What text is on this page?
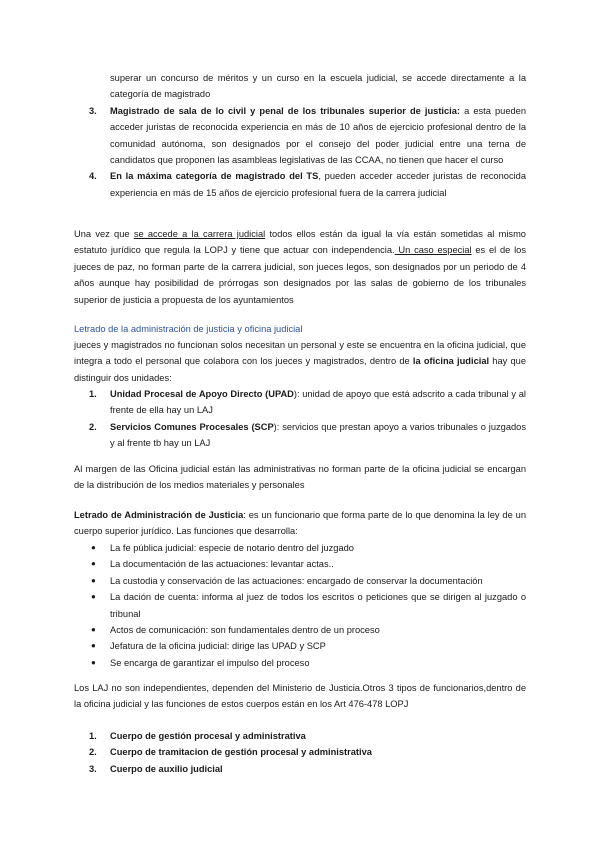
superar un concurso de méritos y un curso en la escuela judicial, se accede directamente a la categoría de magistrado
3. Magistrado de sala de lo civil y penal de los tribunales superior de justicia: a esta pueden acceder juristas de reconocida experiencia en más de 10 años de ejercicio profesional dentro de la comunidad autónoma, son designados por el consejo del poder judicial entre una terna de candidatos que proponen las asambleas legislativas de las CCAA, no tienen que hacer el curso
4. En la máxima categoría de magistrado del TS, pueden acceder acceder juristas de reconocida experiencia en más de 15 años de ejercicio profesional fuera de la carrera judicial

Una vez que se accede a la carrera judicial todos ellos están da igual la vía están sometidas al mismo estatuto jurídico que regula la LOPJ y tiene que actuar con independencia. Un caso especial es el de los jueces de paz, no forman parte de la carrera judicial, son jueces legos, son designados por un periodo de 4 años aunque hay posibilidad de prórrogas son designados por las salas de gobierno de los tribunales superior de justicia a propuesta de los ayuntamientos

Letrado de la administración de justicia y oficina judicial

jueces y magistrados no funcionan solos necesitan un personal y este se encuentra en la oficina judicial, que integra a todo el personal que colabora con los jueces y magistrados, dentro de la oficina judicial hay que distinguir dos unidades:

1. Unidad Procesal de Apoyo Directo (UPAD): unidad de apoyo que está adscrito a cada tribunal y al frente de ella hay un LAJ
2. Servicios Comunes Procesales (SCP): servicios que prestan apoyo a varios tribunales o juzgados y al frente tb hay un LAJ

Al margen de las Oficina judicial están las administrativas no forman parte de la oficina judicial se encargan de la distribución de los medios materiales y personales

Letrado de Administración de Justicia: es un funcionario que forma parte de lo que denomina la ley de un cuerpo superior jurídico. Las funciones que desarrolla:

● La fe pública judicial: especie de notario dentro del juzgado
● La documentación de las actuaciones: levantar actas..
● La custodia y conservación de las actuaciones: encargado de conservar la documentación
● La dación de cuenta: informa al juez de todos los escritos o peticiones que se dirigen al juzgado o tribunal
● Actos de comunicación: son fundamentales dentro de un proceso
● Jefatura de la oficina judicial: dirige las UPAD y SCP
● Se encarga de garantizar el impulso del proceso

Los LAJ no son independientes, dependen del Ministerio de Justicia.Otros 3 tipos de funcionarios,dentro de la oficina judicial y las funciones de estos cuerpos están en los Art 476-478 LOPJ

1. Cuerpo de gestión procesal y administrativa
2. Cuerpo de tramitacion de gestión procesal y administrativa
3. Cuerpo de auxilio judicial
